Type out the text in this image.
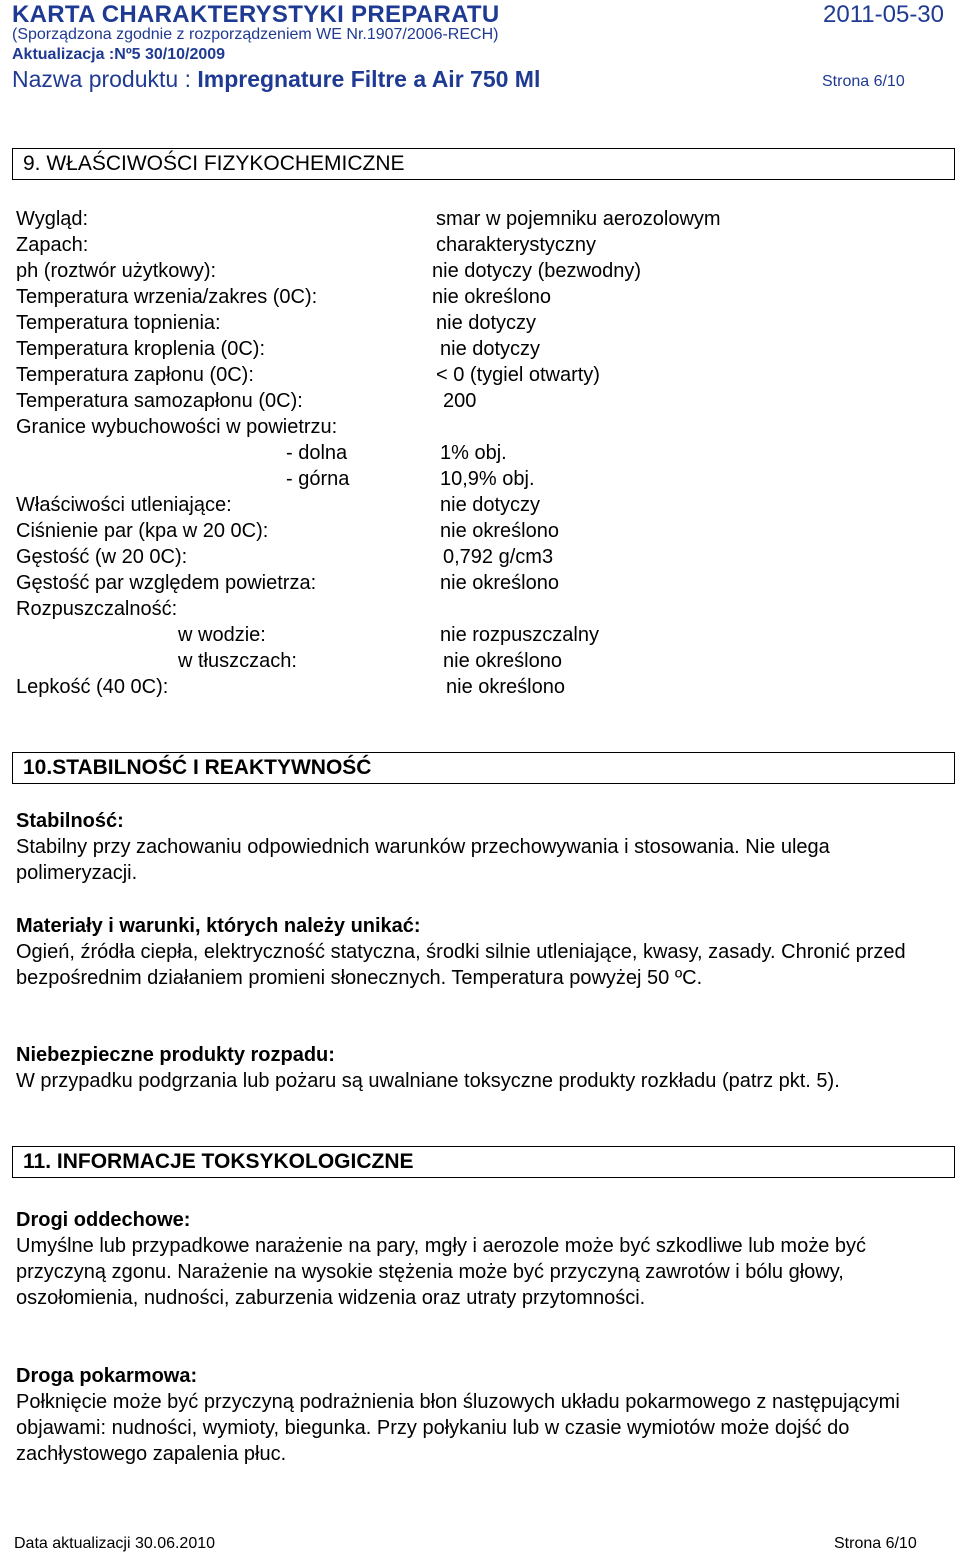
KARTA CHARAKTERYSTYKI PREPARATU	2011-05-30
(Sporządzona zgodnie z rozporządzeniem WE Nr.1907/2006-RECH)
Aktualizacja :Nº5 30/10/2009
Nazwa produktu : Impregnature Filtre a Air 750 Ml	Strona 6/10
9. WŁAŚCIWOŚCI FIZYKOCHEMICZNE
Wygląd:	smar w pojemniku aerozolowym
Zapach:	charakterystyczny
ph (roztwór użytkowy):	nie dotyczy (bezwodny)
Temperatura wrzenia/zakres (0C):	nie określono
Temperatura topnienia:	nie dotyczy
Temperatura kroplenia (0C):	nie dotyczy
Temperatura zapłonu (0C):	< 0 (tygiel otwarty)
Temperatura samozapłonu (0C):	200
Granice wybuchowości w powietrzu:
- dolna	1% obj.
- górna	10,9% obj.
Właściwości utleniające:	nie dotyczy
Ciśnienie par (kpa w 20 0C):	nie określono
Gęstość (w 20 0C):	0,792 g/cm3
Gęstość par względem powietrza:	nie określono
Rozpuszczalność:
w wodzie:	nie rozpuszczalny
w tłuszczach:	nie określono
Lepkość (40 0C):	nie określono
10.STABILNOŚĆ I REAKTYWNOŚĆ
Stabilność:
Stabilny przy zachowaniu odpowiednich warunków przechowywania i stosowania. Nie ulega polimeryzacji.
Materiały i warunki, których należy unikać:
Ogień, źródła ciepła, elektryczność statyczna, środki silnie utleniające, kwasy, zasady. Chronić przed bezpośrednim działaniem promieni słonecznych. Temperatura powyżej 50 ºC.
Niebezpieczne produkty rozpadu:
W przypadku podgrzania lub pożaru są uwalniane toksyczne produkty rozkładu (patrz pkt. 5).
11. INFORMACJE TOKSYKOLOGICZNE
Drogi oddechowe:
Umyślne lub przypadkowe narażenie na pary, mgły i aerozole może być szkodliwe lub może być przyczyną zgonu. Narażenie na wysokie stężenia może być przyczyną zawrotów i bólu głowy, oszołomienia, nudności, zaburzenia widzenia oraz utraty przytomności.
Droga pokarmowa:
Połknięcie może być przyczyną podrażnienia błon śluzowych układu pokarmowego z następującymi objawami: nudności, wymioty, biegunka. Przy połykaniu lub w czasie wymiotów może dojść do zachłystowego zapalenia płuc.
Data aktualizacji 30.06.2010	Strona 6/10
